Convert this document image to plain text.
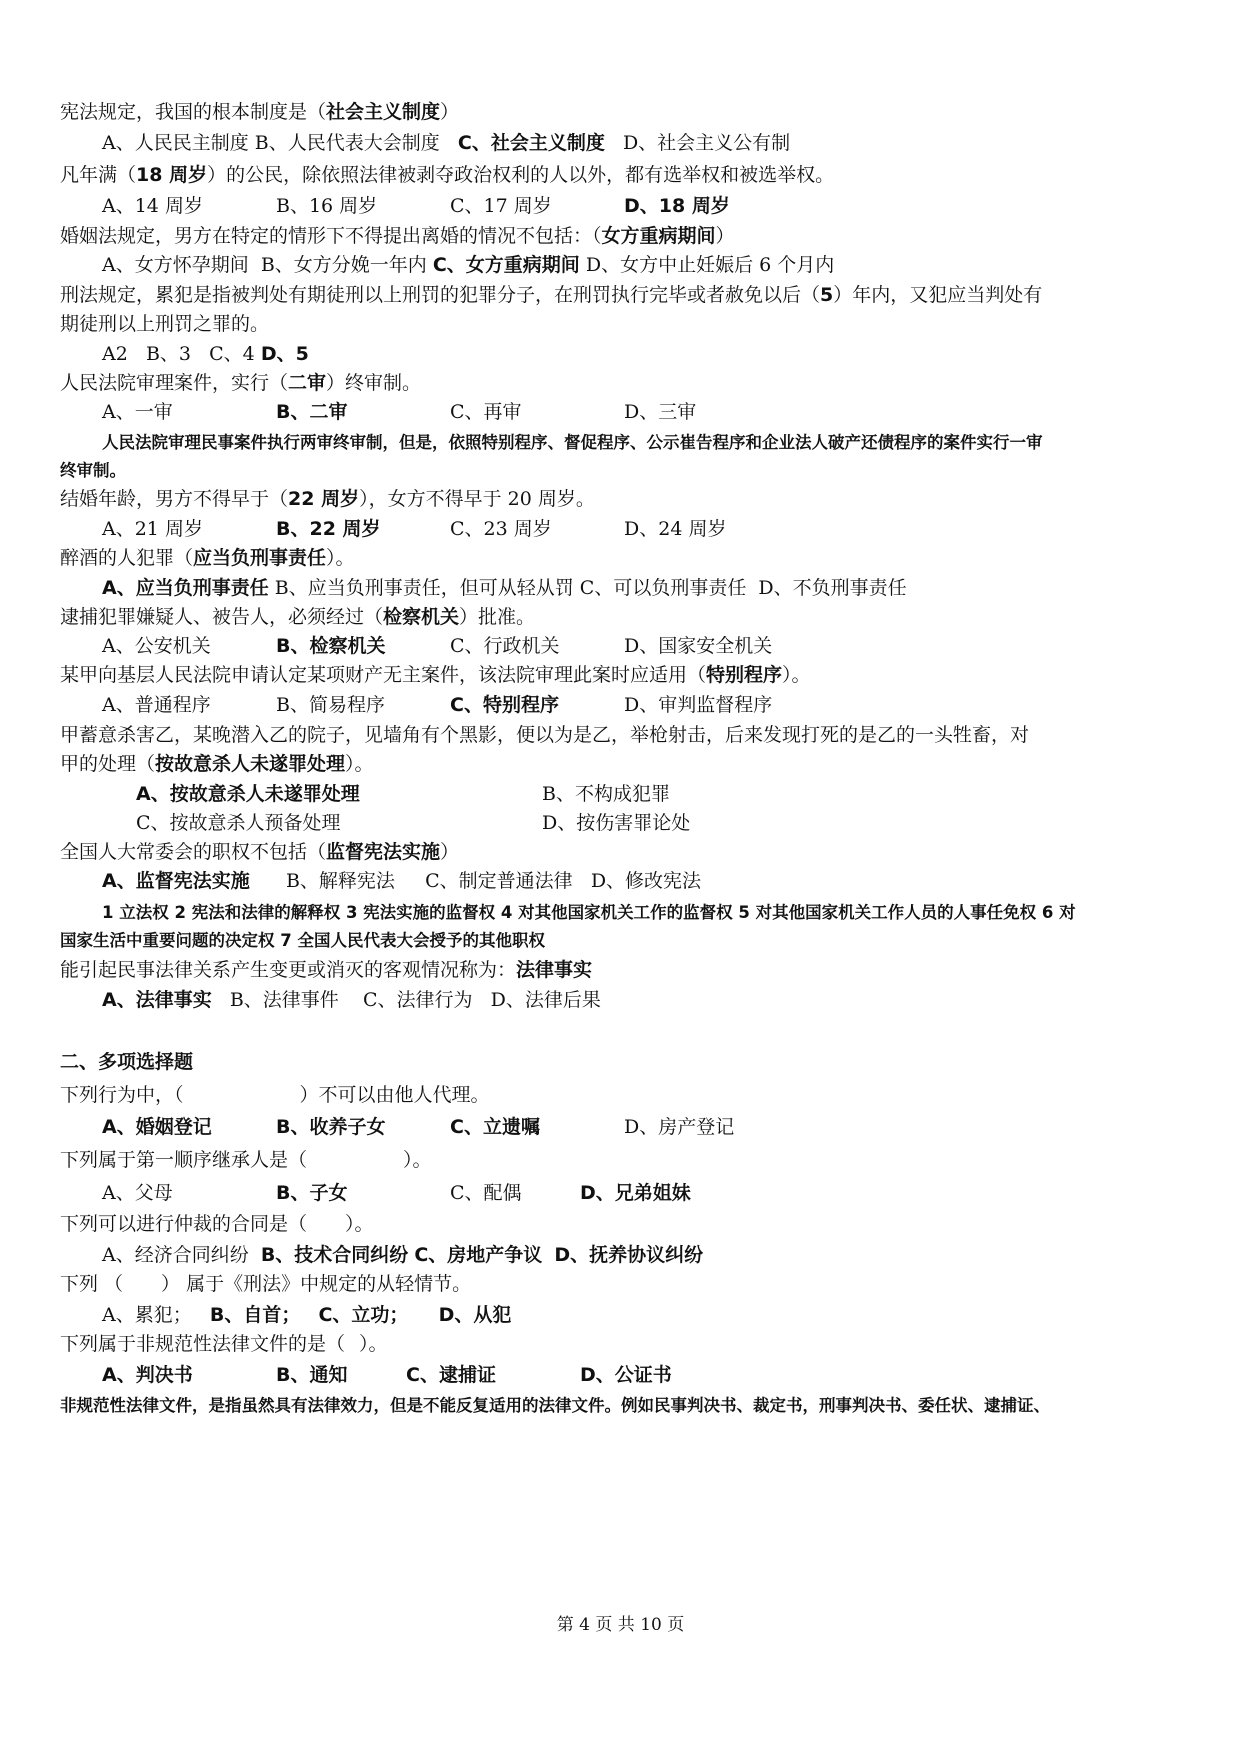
宪法规定，我国的根本制度是（社会主义制度）
A、人民民主制度 B、人民代表大会制度 C、社会主义制度 D、社会主义公有制
凡年满（18 周岁）的公民，除依照法律被剥夺政治权利的人以外，都有选举权和被选举权。
A、14 周岁	B、16 周岁	C、17 周岁	D、18 周岁
婚姻法规定，男方在特定的情形下不得提出离婚的情况不包括：（女方重病期间）
A、女方怀孕期间 B、女方分娩一年内 C、女方重病期间 D、女方中止妊娠后 6 个月内
刑法规定，累犯是指被判处有期徒刑以上刑罚的犯罪分子，在刑罚执行完毕或者赦免以后（5）年内，又犯应当判处有
期徒刑以上刑罚之罪的。
A2 B、3 C、4 D、5
人民法院审理案件，实行（二审）终审制。
A、一审	B、二审	C、再审	D、三审
人民法院审理民事案件执行两审终审制，但是，依照特别程序、督促程序、公示崔告程序和企业法人破产还债程序的案件实行一审
终审制。
结婚年龄，男方不得早于（22 周岁），女方不得早于 20 周岁。
A、21 周岁	B、22 周岁	C、23 周岁	D、24 周岁
醉酒的人犯罪（应当负刑事责任）。
A、应当负刑事责任 B、应当负刑事责任，但可从轻从罚 C、可以负刑事责任 D、不负刑事责任
逮捕犯罪嫌疑人、被告人，必须经过（检察机关）批准。
A、公安机关	B、检察机关	C、行政机关	D、国家安全机关
某甲向基层人民法院申请认定某项财产无主案件，该法院审理此案时应适用（特别程序）。
A、普通程序	B、简易程序	C、特别程序	D、审判监督程序
甲蓄意杀害乙，某晚潜入乙的院子，见墙角有个黑影，便以为是乙，举枪射击，后来发现打死的是乙的一头牲畜，对
甲的处理（按故意杀人未遂罪处理）。
A、按故意杀人未遂罪处理	B、不构成犯罪
C、按故意杀人预备处理	D、按伤害罪论处
全国人大常委会的职权不包括（监督宪法实施）
A、监督宪法实施 B、解释宪法 C、制定普通法律 D、修改宪法
1 立法权 2 宪法和法律的解释权 3 宪法实施的监督权 4 对其他国家机关工作的监督权 5 对其他国家机关工作人员的人事任免权 6 对
国家生活中重要问题的决定权 7 全国人民代表大会授予的其他职权
能引起民事法律关系产生变更或消灭的客观情况称为：法律事实
A、法律事实 B、法律事件 C、法律行为 D、法律后果
二、多项选择题
下列行为中，（	）不可以由他人代理。
A、婚姻登记	B、收养子女	C、立遗嘱	D、房产登记
下列属于第一顺序继承人是（	）。
A、父母	B、子女	C、配偶	D、兄弟姐妹
下列可以进行仲裁的合同是（ ）。
A、经济合同纠纷 B、技术合同纠纷 C、房地产争议 D、抚养协议纠纷
下列 （ ） 属于《刑法》中规定的从轻情节。
A、累犯； B、自首； C、立功； D、从犯
下列属于非规范性法律文件的是（ ）。
A、判决书	B、通知	C、逮捕证	D、公证书
非规范性法律文件，是指虽然具有法律效力，但是不能反复适用的法律文件。例如民事判决书、裁定书，刑事判决书、委任状、逮捕证、
第 4 页 共 10 页
